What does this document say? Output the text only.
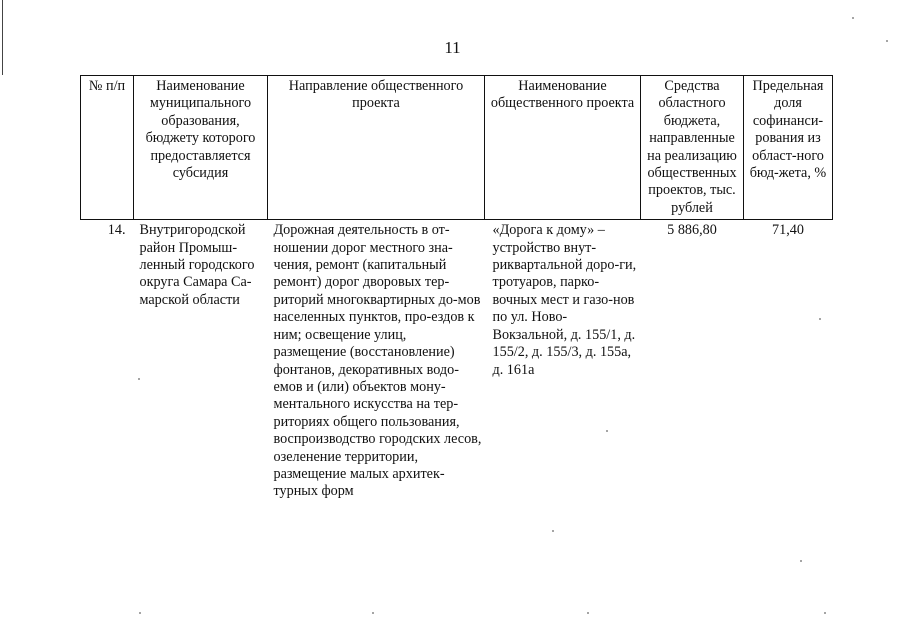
11
№ п/п	Наименование муниципального образования, бюджету которого предоставляется субсидия	Направление общественного проекта	Наименование общественного проекта	Средства областного бюджета, направленные на реализацию общественных проектов, тыс. рублей	Предельная доля софинанси-рования из област-ного бюд-жета, %
14.	Внутригородской район Промыш-ленный городского округа Самара Са-марской области	Дорожная деятельность в от-ношении дорог местного зна-чения, ремонт (капитальный ремонт) дорог дворовых тер-риторий многоквартирных до-мов населенных пунктов, про-ездов к ним; освещение улиц, размещение (восстановление) фонтанов, декоративных водо-емов и (или) объектов мону-ментального искусства на тер-риториях общего пользования, воспроизводство городских лесов, озеленение территории, размещение малых архитек-турных форм	«Дорога к дому» – устройство внут-риквартальной доро-ги, тротуаров, парко-вочных мест и газо-нов по ул. Ново-Вокзальной, д. 155/1, д. 155/2, д. 155/3, д. 155а, д. 161а	5 886,80	71,40
